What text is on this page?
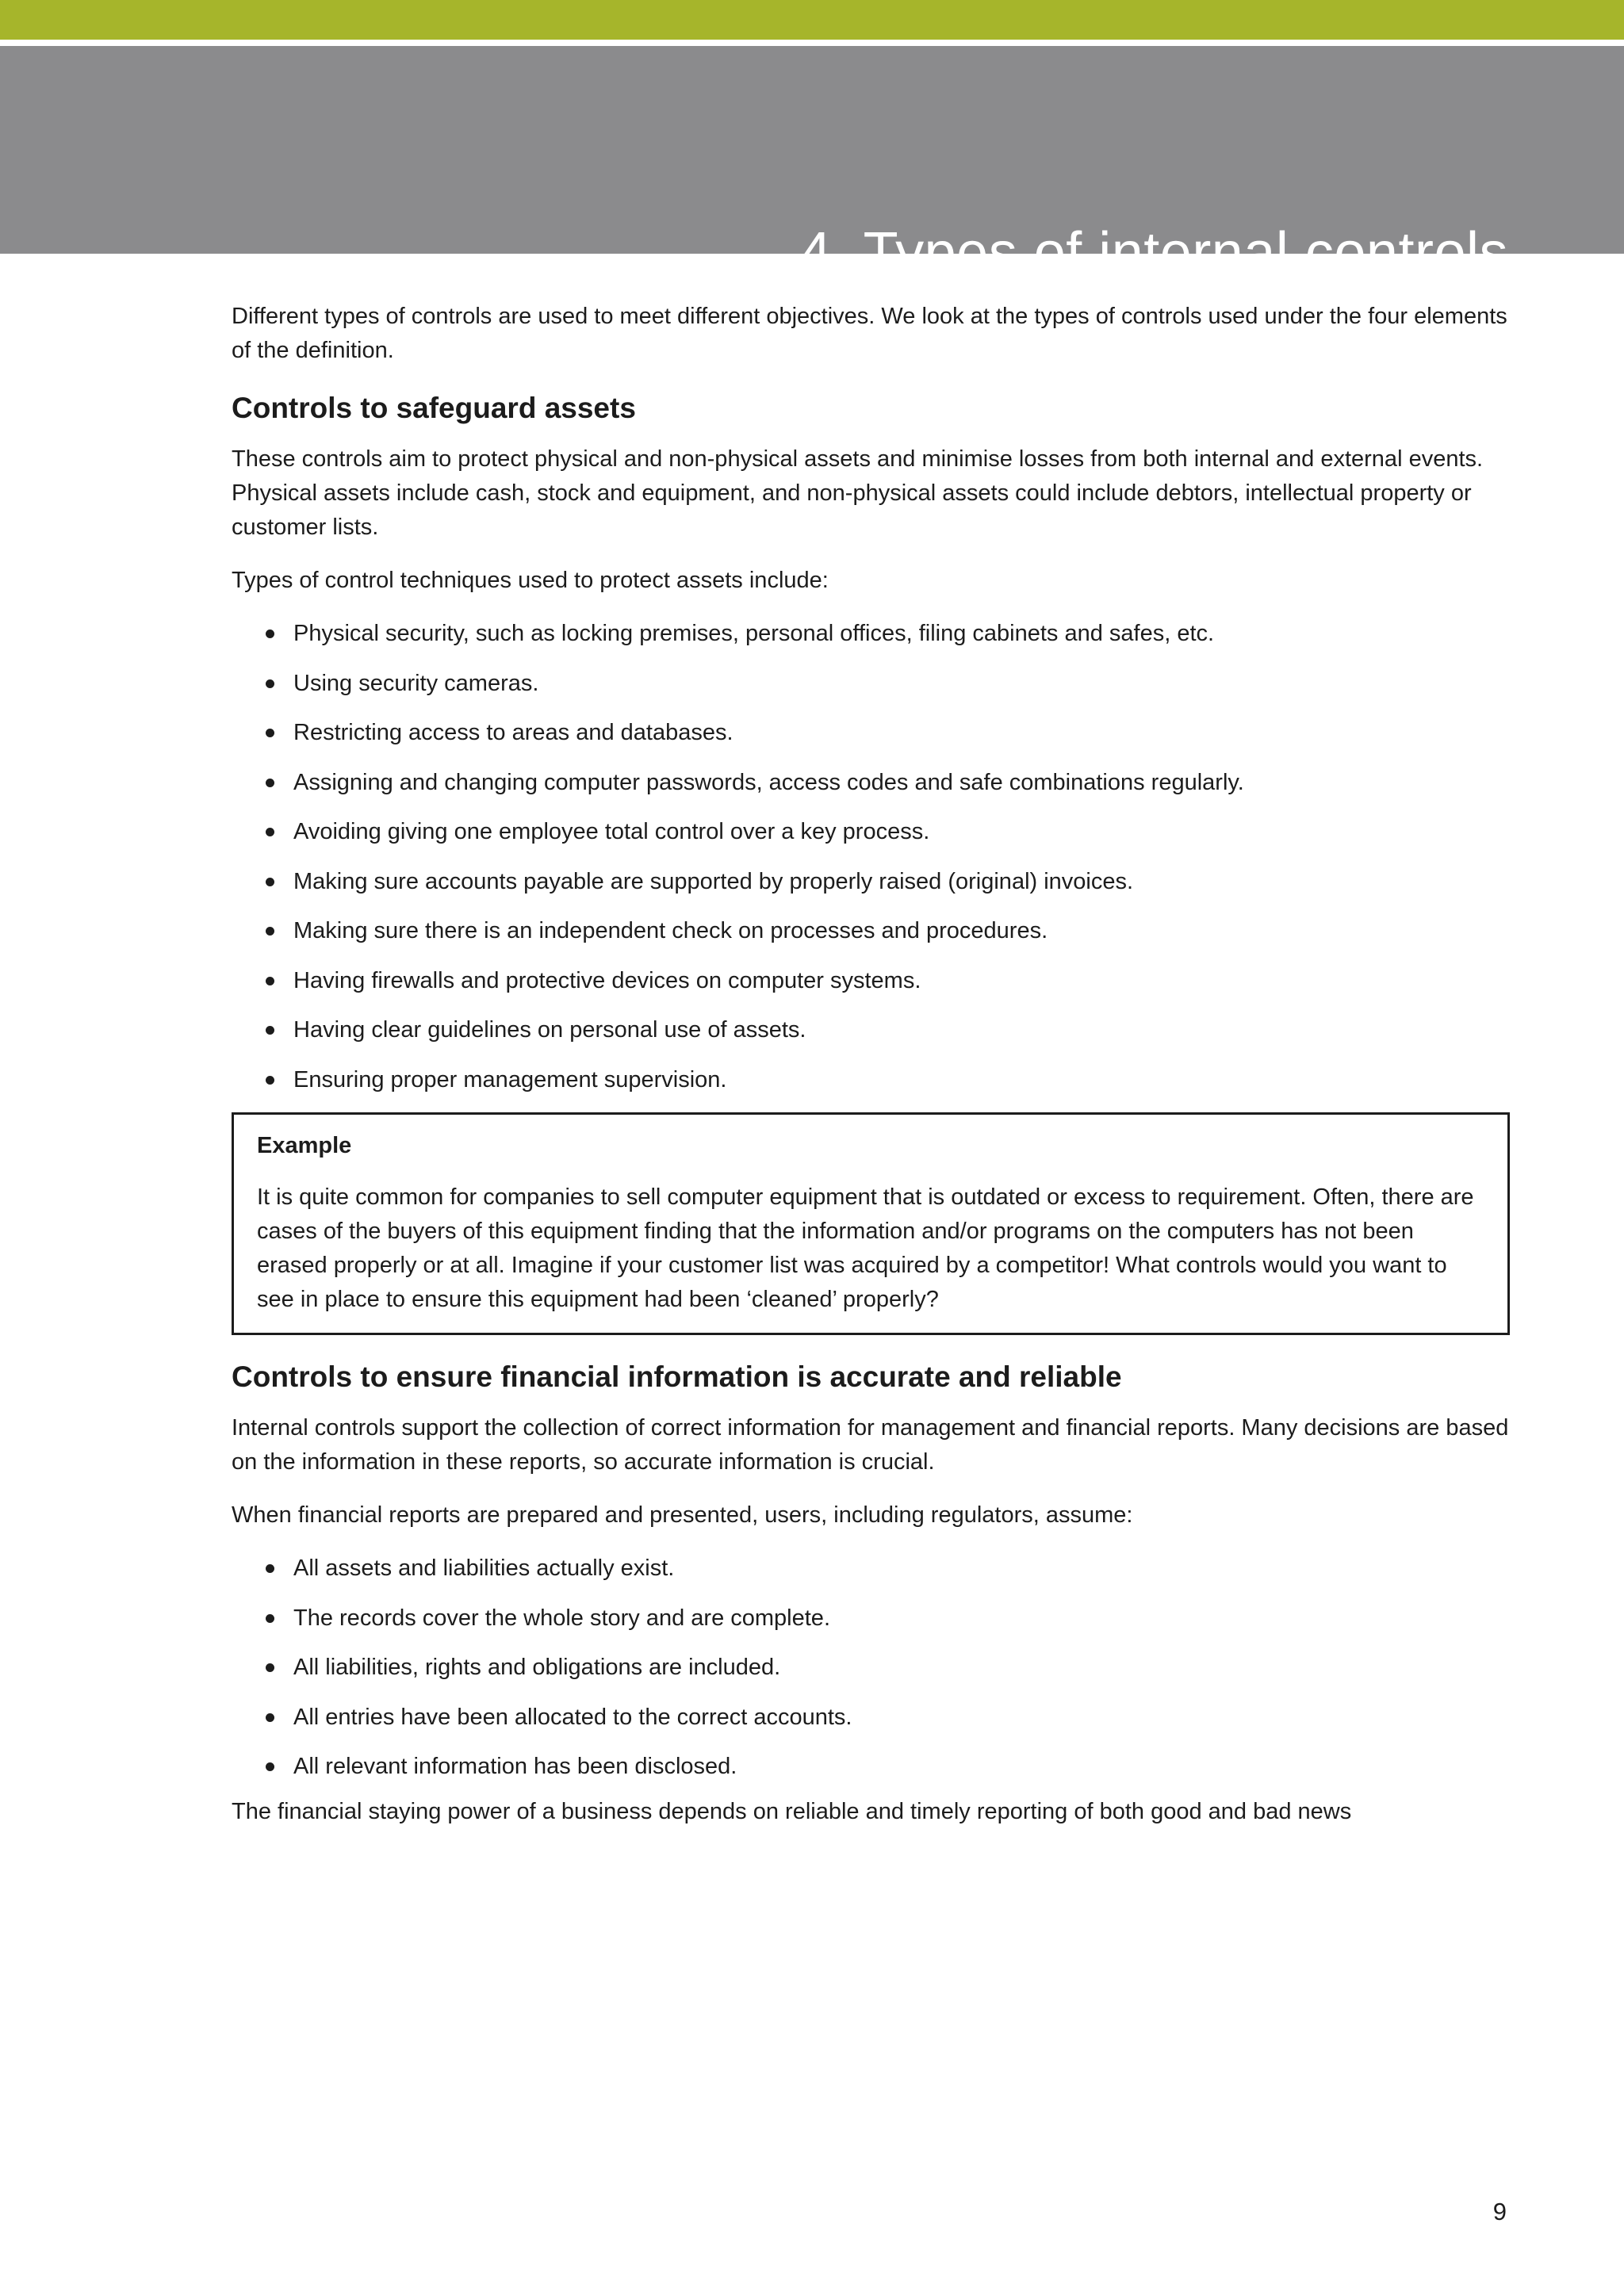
4. Types of internal controls

Different types of controls are used to meet different objectives. We look at the types of controls used under the four elements of the definition.

Controls to safeguard assets

These controls aim to protect physical and non-physical assets and minimise losses from both internal and external events. Physical assets include cash, stock and equipment, and non-physical assets could include debtors, intellectual property or customer lists.

Types of control techniques used to protect assets include:

Physical security, such as locking premises, personal offices, filing cabinets and safes, etc.
Using security cameras.
Restricting access to areas and databases.
Assigning and changing computer passwords, access codes and safe combinations regularly.
Avoiding giving one employee total control over a key process.
Making sure accounts payable are supported by properly raised (original) invoices.
Making sure there is an independent check on processes and procedures.
Having firewalls and protective devices on computer systems.
Having clear guidelines on personal use of assets.
Ensuring proper management supervision.
Example

It is quite common for companies to sell computer equipment that is outdated or excess to requirement. Often, there are cases of the buyers of this equipment finding that the information and/or programs on the computers has not been erased properly or at all. Imagine if your customer list was acquired by a competitor! What controls would you want to see in place to ensure this equipment had been ‘cleaned’ properly?

Controls to ensure financial information is accurate and reliable

Internal controls support the collection of correct information for management and financial reports. Many decisions are based on the information in these reports, so accurate information is crucial.

When financial reports are prepared and presented, users, including regulators, assume:

All assets and liabilities actually exist.
The records cover the whole story and are complete.
All liabilities, rights and obligations are included.
All entries have been allocated to the correct accounts.
All relevant information has been disclosed.

The financial staying power of a business depends on reliable and timely reporting of both good and bad news

9
